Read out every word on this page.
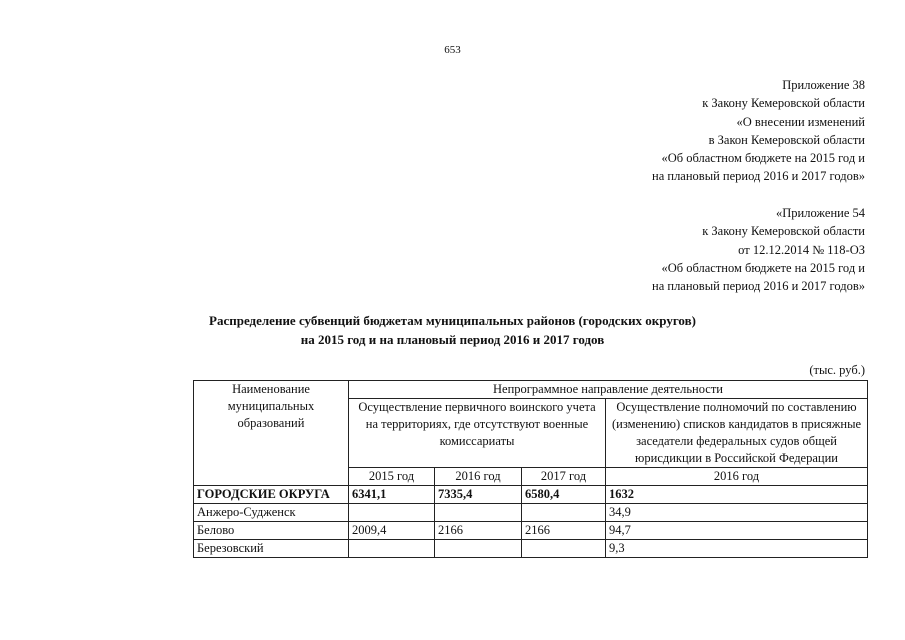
653
Приложение 38
к Закону Кемеровской области
«О внесении изменений
в Закон Кемеровской области
«Об областном бюджете на 2015 год и
на плановый период 2016 и 2017 годов»
«Приложение 54
к Закону Кемеровской области
от 12.12.2014 № 118-ОЗ
«Об областном бюджете на 2015 год и
на плановый период 2016 и 2017 годов»
Распределение субвенций бюджетам муниципальных районов (городских округов)
на 2015 год и на плановый период 2016 и 2017 годов
(тыс. руб.)
Наименование муниципальных образований	Непрограммное направление деятельности			
	Осуществление первичного воинского учета на территориях, где отсутствуют военные комиссариаты			Осуществление полномочий по составлению (изменению) списков кандидатов в присяжные заседатели федеральных судов общей юрисдикции в Российской Федерации
	2015 год	2016 год	2017 год	2016 год
ГОРОДСКИЕ ОКРУГА	6341,1	7335,4	6580,4	1632
Анжеро-Судженск				34,9
Белово	2009,4	2166	2166	94,7
Березовский				9,3
